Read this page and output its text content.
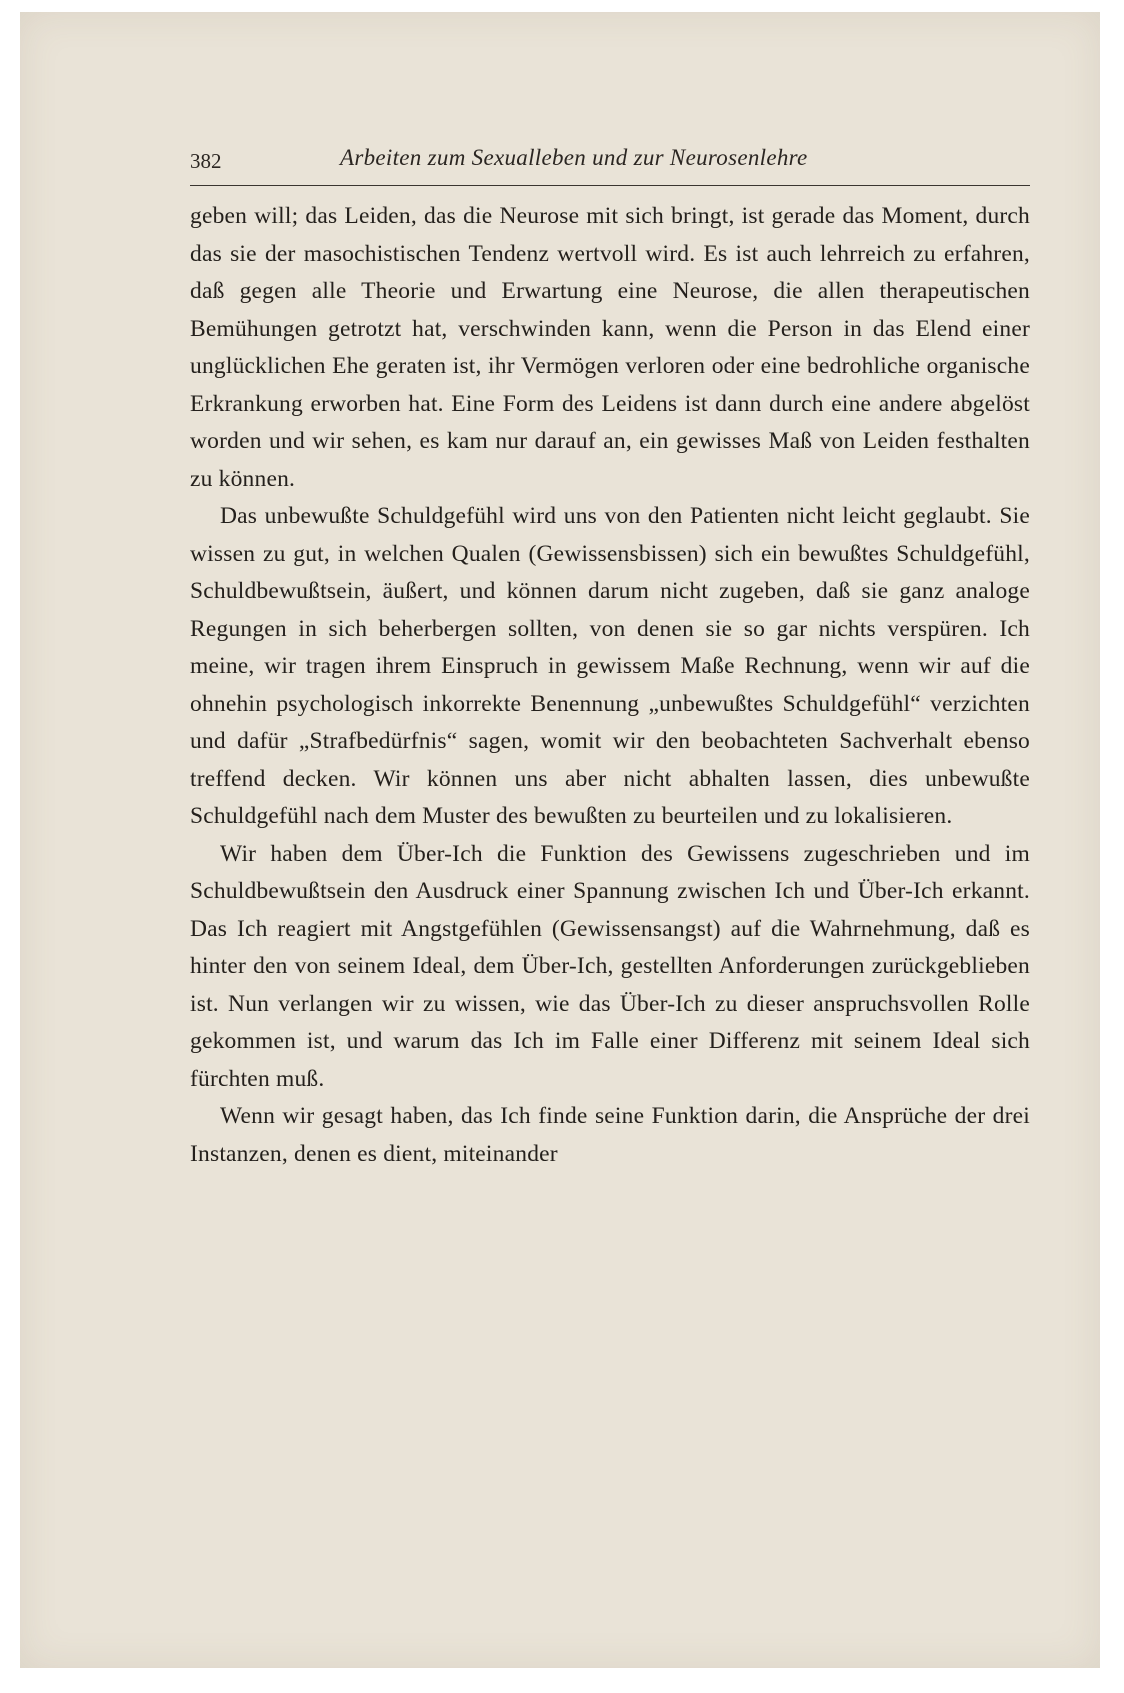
382	Arbeiten zum Sexualleben und zur Neurosenlehre

geben will; das Leiden, das die Neurose mit sich bringt, ist gerade das Moment, durch das sie der masochistischen Tendenz wertvoll wird. Es ist auch lehrreich zu erfahren, daß gegen alle Theorie und Erwartung eine Neurose, die allen therapeutischen Bemühungen getrotzt hat, verschwinden kann, wenn die Person in das Elend einer unglücklichen Ehe geraten ist, ihr Vermögen verloren oder eine bedrohliche organische Erkrankung erworben hat. Eine Form des Leidens ist dann durch eine andere abgelöst worden und wir sehen, es kam nur darauf an, ein gewisses Maß von Leiden festhalten zu können.

Das unbewußte Schuldgefühl wird uns von den Patienten nicht leicht geglaubt. Sie wissen zu gut, in welchen Qualen (Gewissensbissen) sich ein bewußtes Schuldgefühl, Schuldbewußtsein, äußert, und können darum nicht zugeben, daß sie ganz analoge Regungen in sich beherbergen sollten, von denen sie so gar nichts verspüren. Ich meine, wir tragen ihrem Einspruch in gewissem Maße Rechnung, wenn wir auf die ohnehin psychologisch inkorrekte Benennung „unbewußtes Schuldgefühl“ verzichten und dafür „Strafbedürfnis“ sagen, womit wir den beobachteten Sachverhalt ebenso treffend decken. Wir können uns aber nicht abhalten lassen, dies unbewußte Schuldgefühl nach dem Muster des bewußten zu beurteilen und zu lokalisieren.

Wir haben dem Über-Ich die Funktion des Gewissens zugeschrieben und im Schuldbewußtsein den Ausdruck einer Spannung zwischen Ich und Über-Ich erkannt. Das Ich reagiert mit Angstgefühlen (Gewissensangst) auf die Wahrnehmung, daß es hinter den von seinem Ideal, dem Über-Ich, gestellten Anforderungen zurückgeblieben ist. Nun verlangen wir zu wissen, wie das Über-Ich zu dieser anspruchsvollen Rolle gekommen ist, und warum das Ich im Falle einer Differenz mit seinem Ideal sich fürchten muß.

Wenn wir gesagt haben, das Ich finde seine Funktion darin, die Ansprüche der drei Instanzen, denen es dient, miteinander
